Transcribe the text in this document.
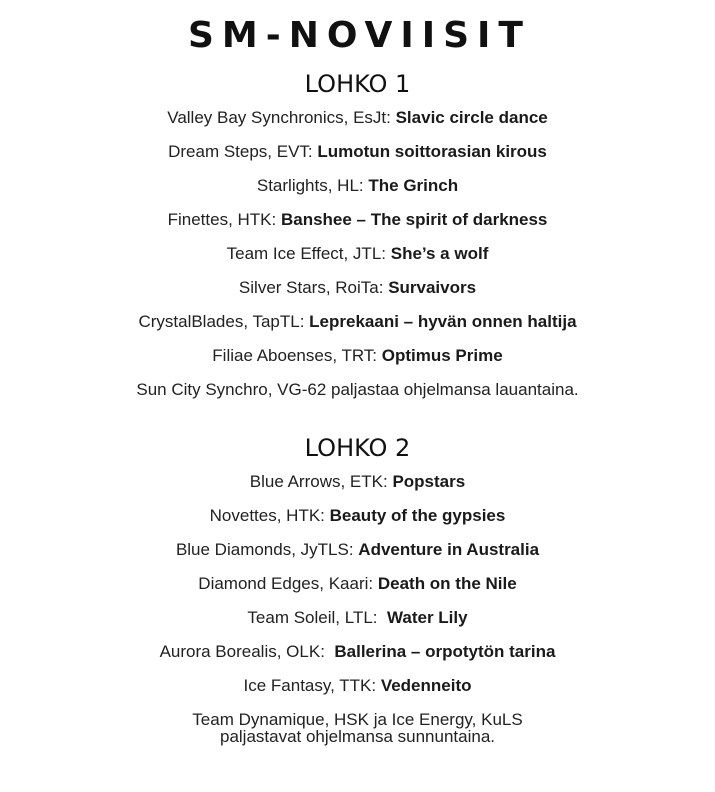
SM-NOVIISIT
LOHKO 1
Valley Bay Synchronics, EsJt: Slavic circle dance
Dream Steps, EVT: Lumotun soittorasian kirous
Starlights, HL: The Grinch
Finettes, HTK: Banshee – The spirit of darkness
Team Ice Effect, JTL: She’s a wolf
Silver Stars, RoiTa: Survaivors
CrystalBlades, TapTL: Leprekaani – hyvän onnen haltija
Filiae Aboenses, TRT: Optimus Prime
Sun City Synchro, VG-62 paljastaa ohjelmansa lauantaina.
LOHKO 2
Blue Arrows, ETK: Popstars
Novettes, HTK: Beauty of the gypsies
Blue Diamonds, JyTLS: Adventure in Australia
Diamond Edges, Kaari: Death on the Nile
Team Soleil, LTL:  Water Lily
Aurora Borealis, OLK:  Ballerina – orpotytön tarina
Ice Fantasy, TTK: Vedenneito
Team Dynamique, HSK ja Ice Energy, KuLS
paljastavat ohjelmansa sunnuntaina.
